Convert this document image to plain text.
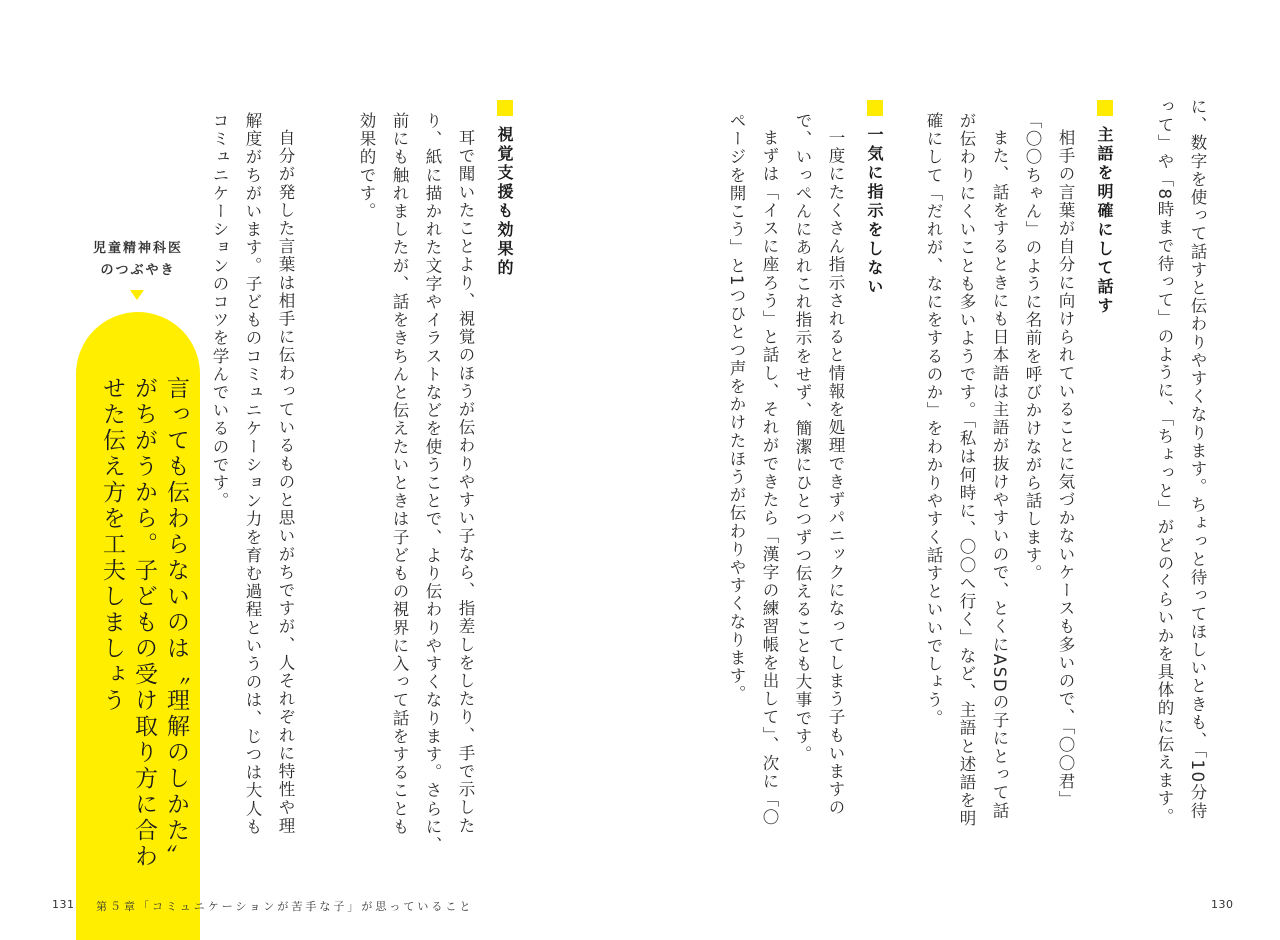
に、数字を使って話すと伝わりやすくなります。ちょっと待ってほしいときも、「10分待
って」や「8時まで待って」のように、「ちょっと」がどのくらいかを具体的に伝えます。
主語を明確にして話す
相手の言葉が自分に向けられていることに気づかないケースも多いので、「〇〇君」
「〇〇ちゃん」のように名前を呼びかけながら話します。
また、話をするときにも日本語は主語が抜けやすいので、とくにASDの子にとって話
が伝わりにくいことも多いようです。「私は何時に、〇〇へ行く」など、主語と述語を明
確にして「だれが、なにをするのか」をわかりやすく話すといいでしょう。
一気に指示をしない
一度にたくさん指示されると情報を処理できずパニックになってしまう子もいますの
で、いっぺんにあれこれ指示をせず、簡潔にひとつずつ伝えることも大事です。
まずは「イスに座ろう」と話し、それができたら「漢字の練習帳を出して」、次に「〇
ページを開こう」と1つひとつ声をかけたほうが伝わりやすくなります。
130
視覚支援も効果的
耳で聞いたことより、視覚のほうが伝わりやすい子なら、指差しをしたり、手で示した
り、紙に描かれた文字やイラストなどを使うことで、より伝わりやすくなります。さらに、
前にも触れましたが、話をきちんと伝えたいときは子どもの視界に入って話をすることも
効果的です。
自分が発した言葉は相手に伝わっているものと思いがちですが、人それぞれに特性や理
解度がちがいます。子どものコミュニケーション力を育む過程というのは、じつは大人も
コミュニケーションのコツを学んでいるのです。
児童精神科医
のつぶやき
言っても伝わらないのは〝理解のしかた〟
がちがうから。子どもの受け取り方に合わ
せた伝え方を工夫しましょう
131 第５章「コミュニケーションが苦手な子」が思っていること
